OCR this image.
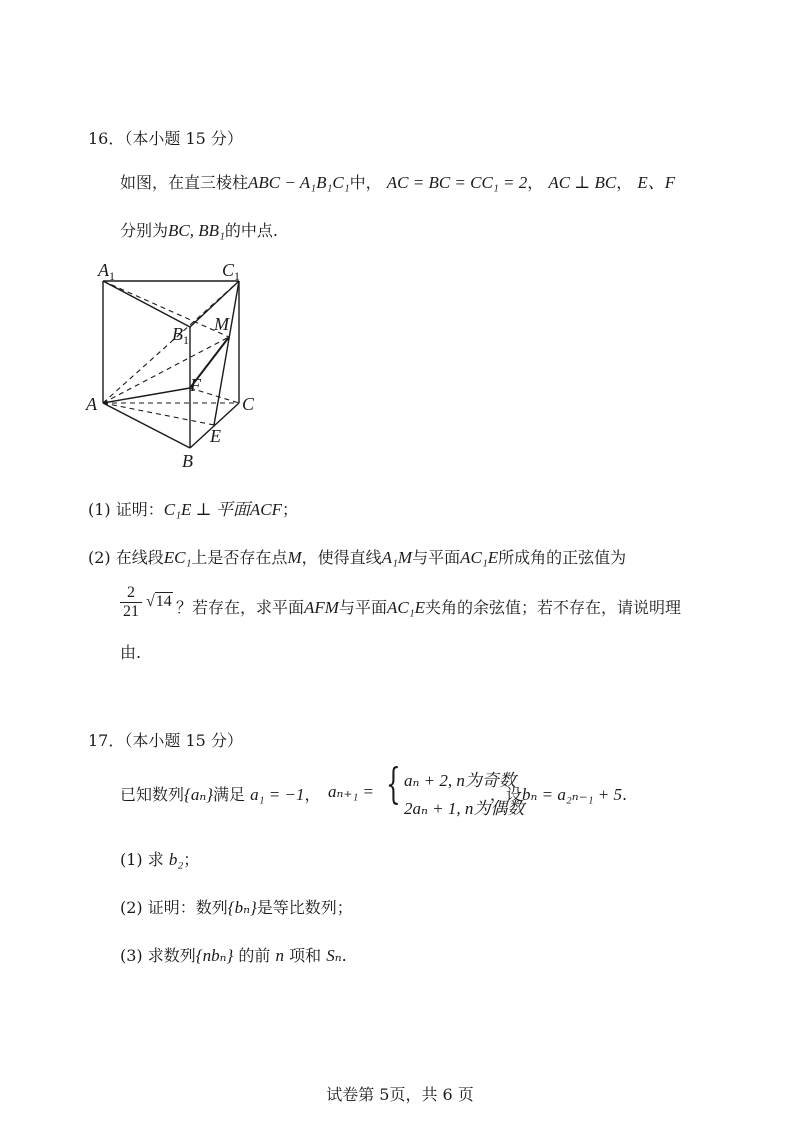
16．（本小题 15 分）
如图，在直三棱柱ABC − A₁B₁C₁中， AC = BC = CC₁ = 2， AC ⊥ BC， E、F
分别为BC, BB₁的中点.
$A_1$	$C_1$
$B_1$
M
F
A	C
E
B
(1) 证明：C₁E ⊥ 平面ACF；
(2) 在线段EC₁上是否存在点M，使得直线A₁M与平面AC₁E所成角的正弦值为
2
21
√14 ？若存在，求平面AFM与平面AC₁E夹角的余弦值；若不存在，请说明理
由.
17．（本小题 15 分）
已知数列{aₙ}满足 a₁ = −1， aₙ₊₁ = { aₙ + 2, n为奇数
2aₙ + 1, n为偶数
，设bₙ = a₂ₙ₋₁ + 5.
(1) 求 b₂；
(2) 证明：数列{bₙ}是等比数列；
(3) 求数列{nbₙ} 的前 n 项和 Sₙ.
试卷第 5页，共 6 页
